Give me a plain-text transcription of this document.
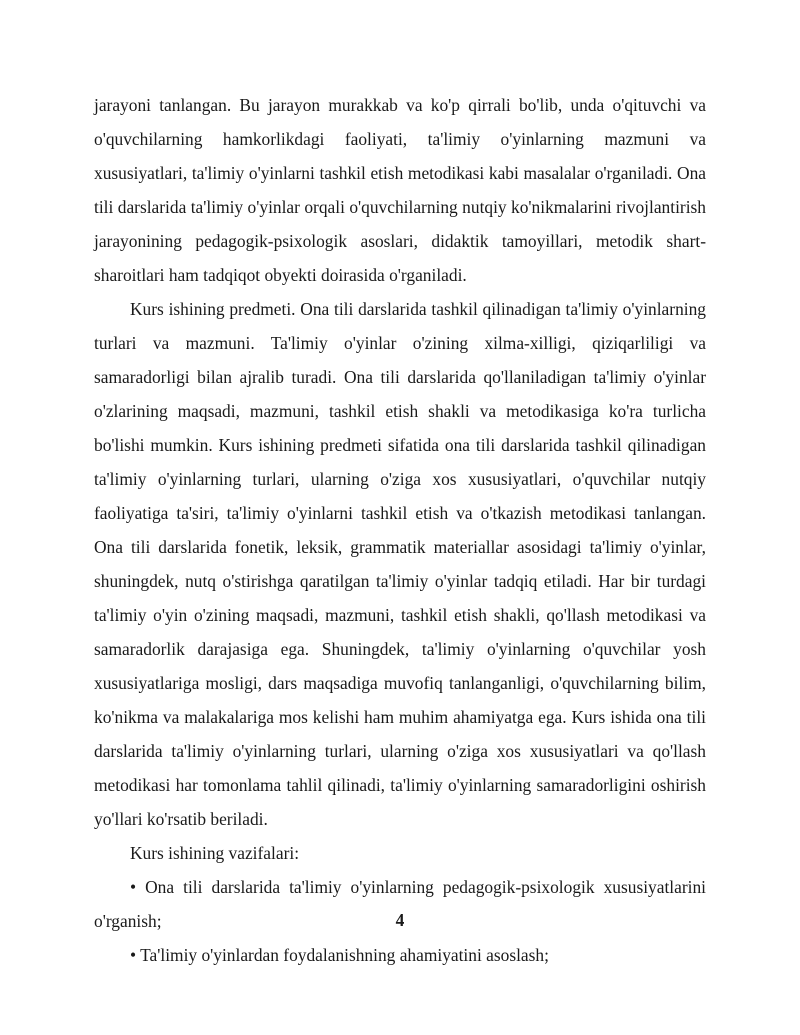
jarayoni tanlangan. Bu jarayon murakkab va ko'p qirrali bo'lib, unda o'qituvchi va o'quvchilarning hamkorlikdagi faoliyati, ta'limiy o'yinlarning mazmuni va xususiyatlari, ta'limiy o'yinlarni tashkil etish metodikasi kabi masalalar o'rganiladi. Ona tili darslarida ta'limiy o'yinlar orqali o'quvchilarning nutqiy ko'nikmalarini rivojlantirish jarayonining pedagogik-psixologik asoslari, didaktik tamoyillari, metodik shart-sharoitlari ham tadqiqot obyekti doirasida o'rganiladi.

Kurs ishining predmeti. Ona tili darslarida tashkil qilinadigan ta'limiy o'yinlarning turlari va mazmuni. Ta'limiy o'yinlar o'zining xilma-xilligi, qiziqarliligi va samaradorligi bilan ajralib turadi. Ona tili darslarida qo'llaniladigan ta'limiy o'yinlar o'zlarining maqsadi, mazmuni, tashkil etish shakli va metodikasiga ko'ra turlicha bo'lishi mumkin. Kurs ishining predmeti sifatida ona tili darslarida tashkil qilinadigan ta'limiy o'yinlarning turlari, ularning o'ziga xos xususiyatlari, o'quvchilar nutqiy faoliyatiga ta'siri, ta'limiy o'yinlarni tashkil etish va o'tkazish metodikasi tanlangan. Ona tili darslarida fonetik, leksik, grammatik materiallar asosidagi ta'limiy o'yinlar, shuningdek, nutq o'stirishga qaratilgan ta'limiy o'yinlar tadqiq etiladi. Har bir turdagi ta'limiy o'yin o'zining maqsadi, mazmuni, tashkil etish shakli, qo'llash metodikasi va samaradorlik darajasiga ega. Shuningdek, ta'limiy o'yinlarning o'quvchilar yosh xususiyatlariga mosligi, dars maqsadiga muvofiq tanlanganligi, o'quvchilarning bilim, ko'nikma va malakalariga mos kelishi ham muhim ahamiyatga ega. Kurs ishida ona tili darslarida ta'limiy o'yinlarning turlari, ularning o'ziga xos xususiyatlari va qo'llash metodikasi har tomonlama tahlil qilinadi, ta'limiy o'yinlarning samaradorligini oshirish yo'llari ko'rsatib beriladi.

Kurs ishining vazifalari:

• Ona tili darslarida ta'limiy o'yinlarning pedagogik-psixologik xususiyatlarini o'rganish;

• Ta'limiy o'yinlardan foydalanishning ahamiyatini asoslash;

4
